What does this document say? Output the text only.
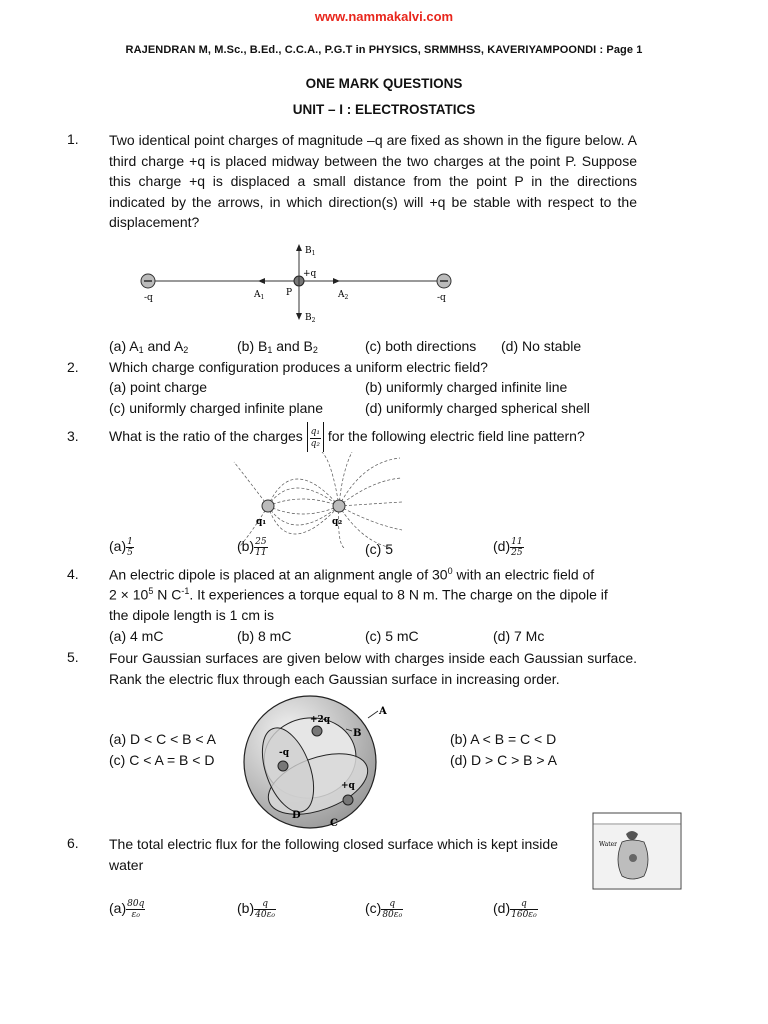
www.nammakalvi.com
RAJENDRAN M, M.Sc., B.Ed., C.C.A., P.G.T in PHYSICS, SRMMHSS, KAVERIYAMPOONDI : Page 1
ONE MARK QUESTIONS
UNIT – I : ELECTROSTATICS
1. Two identical point charges of magnitude –q are fixed as shown in the figure below. A third charge +q is placed midway between the two charges at the point P. Suppose this charge +q is displaced a small distance from the point P in the directions indicated by the arrows, in which direction(s) will +q be stable with respect to the displacement?
-q	-q
+q
P
$A_1$	$A_2$
$B_1$
$B_2$
(a) $A_1$ and $A_2$	(b) $B_1$ and $B_2$	(c) both directions (d) No stable
2. Which charge configuration produces a uniform electric field?
(a) point charge	(b) uniformly charged infinite line
(c) uniformly charged infinite plane	(d) uniformly charged spherical shell
3. What is the ratio of the charges $\frac{\text{q₁}}{\text{q₂}}$ for the following electric field line pattern?
q₁	q₂
$(a) \frac{1}{5}$	$(b) \frac{25}{11}$	(c) 5	$(d) \frac{11}{25}$
4. An electric dipole is placed at an alignment angle of $30^0$ with an electric field of
$2 \times 10^5$ N $C^{-1}$. It experiences a torque equal to 8 N m. The charge on the dipole if
the dipole length is 1 cm is
(a) 4 mC	(b) 8 mC	(c) 5 mC	(d) 7 Mc
5. Four Gaussian surfaces are given below with charges inside each Gaussian surface. Rank the electric flux through each Gaussian surface in increasing order.
+2q
-q
+q
A
B
C
D
(a) D < C < B < A
(c) C < A = B < D
(b) A < B = C < D
(d) D > C > B > A
6. The total electric flux for the following closed surface which is kept inside water
Water
$(a) \frac{80q}{\text{ε₀}}$	$(b) \frac{q}{\text{40ε₀}}$	$(c) \frac{q}{\text{80ε₀}}$	$(d) \frac{q}{\text{160ε₀}}$
